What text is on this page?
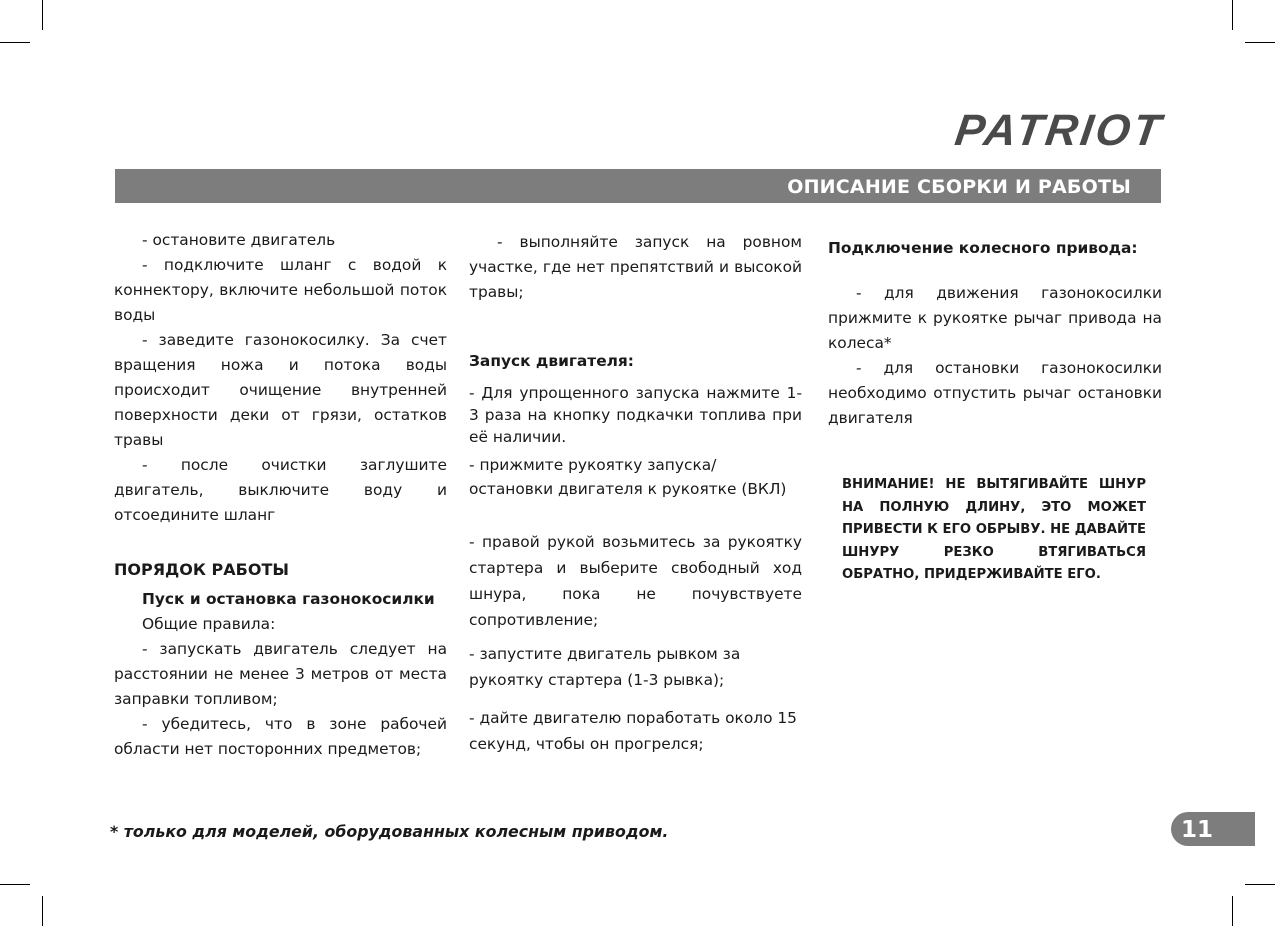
PATRIOT
ОПИСАНИЕ СБОРКИ И РАБОТЫ

- остановите двигатель

- подключите шланг с водой к коннектору, включите небольшой поток воды

- заведите газонокосилку. За счет вращения ножа и потока воды происходит очищение внутренней поверхности деки от грязи, остатков травы

- после очистки заглушите двигатель, выключите воду и отсоедините шланг

ПОРЯДОК РАБОТЫ

Пуск и остановка газонокосилки

Общие правила:

- запускать двигатель следует на расстоянии не менее 3 метров от места заправки топливом;

- убедитесь, что в зоне рабочей области нет посторонних предметов;

- выполняйте запуск на ровном участке, где нет препятствий и высокой травы;

Запуск двигателя:

- Для упрощенного запуска нажмите 1-3 раза на кнопку подкачки топлива при её наличии.

- прижмите рукоятку запуска/ остановки двигателя к рукоятке (ВКЛ)

- правой рукой возьмитесь за рукоятку стартера и выберите свободный ход шнура, пока не почувствуете сопротивление;

- запустите двигатель рывком за рукоятку стартера (1-3 рывка);

- дайте двигателю поработать около 15 секунд, чтобы он прогрелся;

Подключение колесного привода:

- для движения газонокосилки прижмите к рукоятке рычаг привода на колеса*

- для остановки газонокосилки необходимо отпустить рычаг остановки двигателя

ВНИМАНИЕ! НЕ ВЫТЯГИВАЙТЕ ШНУР НА ПОЛНУЮ ДЛИНУ, ЭТО МОЖЕТ ПРИВЕСТИ К ЕГО ОБРЫВУ. НЕ ДАВАЙТЕ ШНУРУ РЕЗКО ВТЯГИВАТЬСЯ ОБРАТНО, ПРИДЕРЖИВАЙТЕ ЕГО.
* только для моделей, оборудованных колесным приводом.	11
